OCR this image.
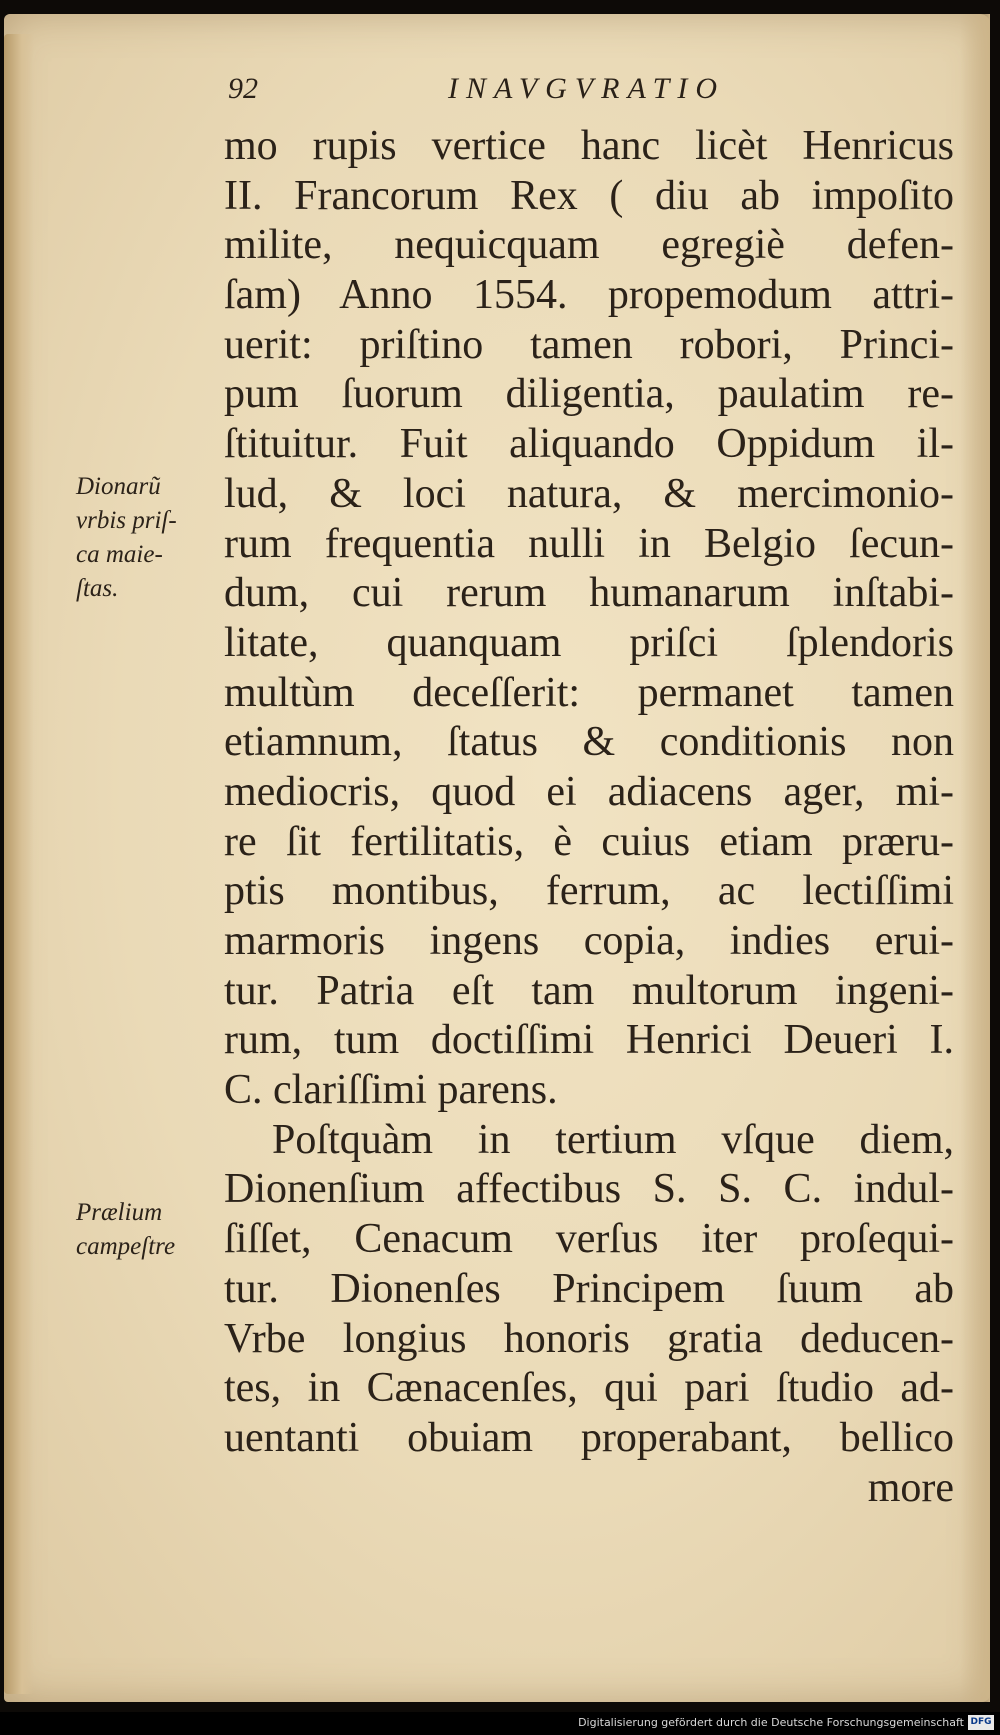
92	INAVGVRATIO
Dionarũ
vrbis priſ-
ca maie-
ſtas.
Prælium
campeſtre
mo rupis vertice hanc licèt Henricus
II. Francorum Rex ( diu ab impoſito
milite, nequicquam egregiè defen-
ſam) Anno 1554. propemodum attri-
uerit: priſtino tamen robori, Princi-
pum ſuorum diligentia, paulatim re-
ſtituitur. Fuit aliquando Oppidum il-
lud, & loci natura, & mercimonio-
rum frequentia nulli in Belgio ſecun-
dum, cui rerum humanarum inſtabi-
litate, quanquam priſci ſplendoris
multùm deceſſerit: permanet tamen
etiamnum, ſtatus & conditionis non
mediocris, quod ei adiacens ager, mi-
re ſit fertilitatis, è cuius etiam præru-
ptis montibus, ferrum, ac lectiſſimi
marmoris ingens copia, indies erui-
tur. Patria eſt tam multorum ingeni-
rum, tum doctiſſimi Henrici Deueri I.
C. clariſſimi parens.
Poſtquàm in tertium vſque diem,
Dionenſium affectibus S. S. C. indul-
ſiſſet, Cenacum verſus iter proſequi-
tur. Dionenſes Principem ſuum ab
Vrbe longius honoris gratia deducen-
tes, in Cænacenſes, qui pari ſtudio ad-
uentanti obuiam properabant, bellico
more
Digitalisierung gefördert durch die Deutsche Forschungsgemeinschaft DFG
